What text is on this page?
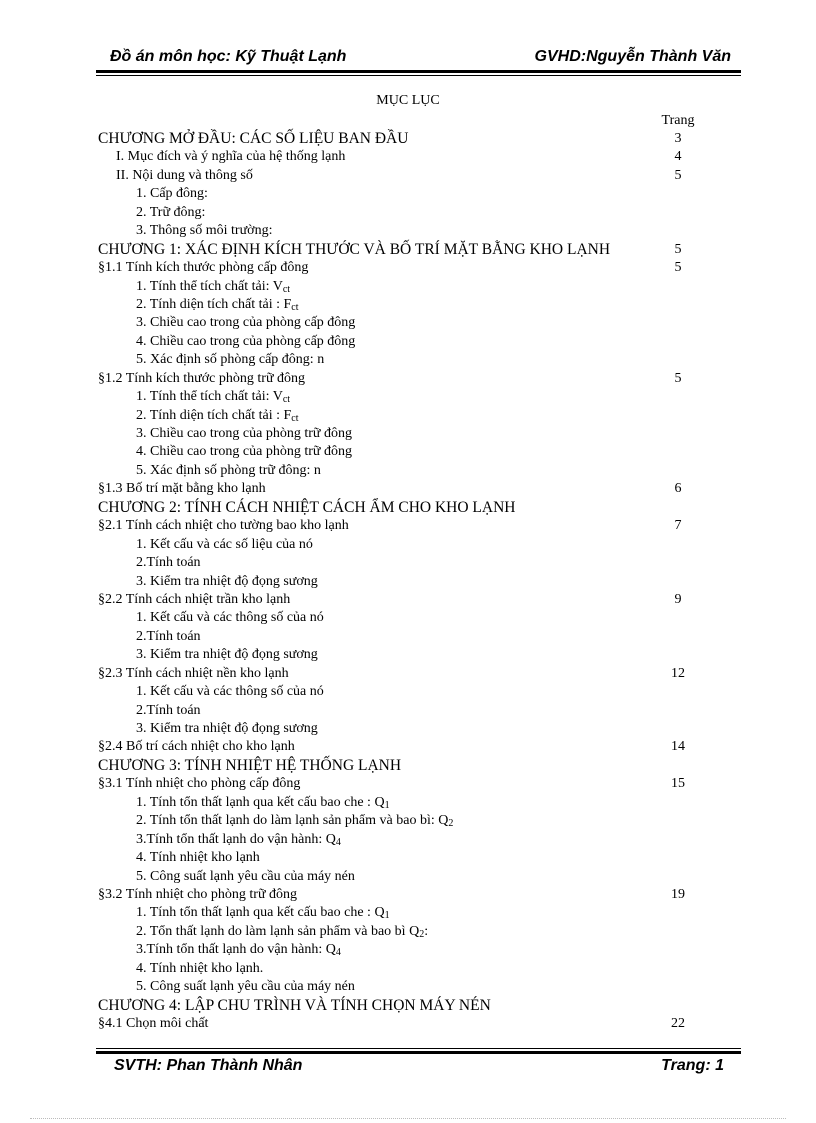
Đồ án môn học: Kỹ Thuật Lạnh	GVHD:Nguyễn Thành Văn
MỤC LỤC
Trang
CHƯƠNG MỞ ĐẦU: CÁC SỐ LIỆU BAN ĐẦU	3
I. Mục đích và ý nghĩa của hệ thống lạnh	4
II. Nội dung và thông số	5
1. Cấp đông:
2. Trữ đông:
3. Thông số môi trường:
CHƯƠNG 1: XÁC ĐỊNH KÍCH THƯỚC VÀ BỐ TRÍ MẶT BẰNG KHO LẠNH	5
§1.1 Tính kích thước phòng cấp đông	5
1. Tính thể tích chất tải: $V_{ct}$
2. Tính diện tích chất tải : $F_{ct}$
3. Chiều cao trong của phòng cấp đông
4. Chiều cao trong của phòng cấp đông
5. Xác định số phòng cấp đông: n
§1.2 Tính kích thước phòng trữ đông	5
1. Tính thể tích chất tải: $V_{ct}$
2. Tính diện tích chất tải : $F_{ct}$
3. Chiều cao trong của phòng trữ đông
4. Chiều cao trong của phòng trữ đông
5. Xác định số phòng trữ đông: n
§1.3 Bố trí mặt bằng kho lạnh	6
CHƯƠNG 2: TÍNH CÁCH NHIỆT CÁCH ẨM CHO KHO LẠNH
§2.1 Tính cách nhiệt cho tường bao kho lạnh	7
1. Kết cấu và các số liệu của nó
2.Tính toán
3. Kiểm tra nhiệt độ đọng sương
§2.2 Tính cách nhiệt trần kho lạnh	9
1. Kết cấu và các thông số của nó
2.Tính toán
3. Kiểm tra nhiệt độ đọng sương
§2.3 Tính cách nhiệt nền kho lạnh	12
1. Kết cấu và các thông số của nó
2.Tính toán
3. Kiểm tra nhiệt độ đọng sương
§2.4 Bố trí cách nhiệt cho kho lạnh	14
CHƯƠNG 3: TÍNH NHIỆT HỆ THỐNG LẠNH
§3.1 Tính nhiệt cho phòng cấp đông	15
1. Tính tổn thất lạnh qua kết cấu bao che : $Q_1$
2. Tính tổn thất lạnh do làm lạnh sản phẩm và bao bì: $Q_2$
3.Tính tổn thất lạnh do vận hành: $Q_4$
4. Tính nhiệt kho lạnh
5. Công suất lạnh yêu cầu của máy nén
§3.2 Tính nhiệt cho phòng trữ đông	19
1. Tính tổn thất lạnh qua kết cấu bao che : $Q_1$
2. Tổn thất lạnh do làm lạnh sản phẩm và bao bì $Q_2$:
3.Tính tổn thất lạnh do vận hành: $Q_4$
4. Tính nhiệt kho lạnh.
5. Công suất lạnh yêu cầu của máy nén
CHƯƠNG 4: LẬP CHU TRÌNH VÀ TÍNH CHỌN MÁY NÉN
§4.1 Chọn môi chất	22
SVTH: Phan Thành Nhân	Trang: 1
